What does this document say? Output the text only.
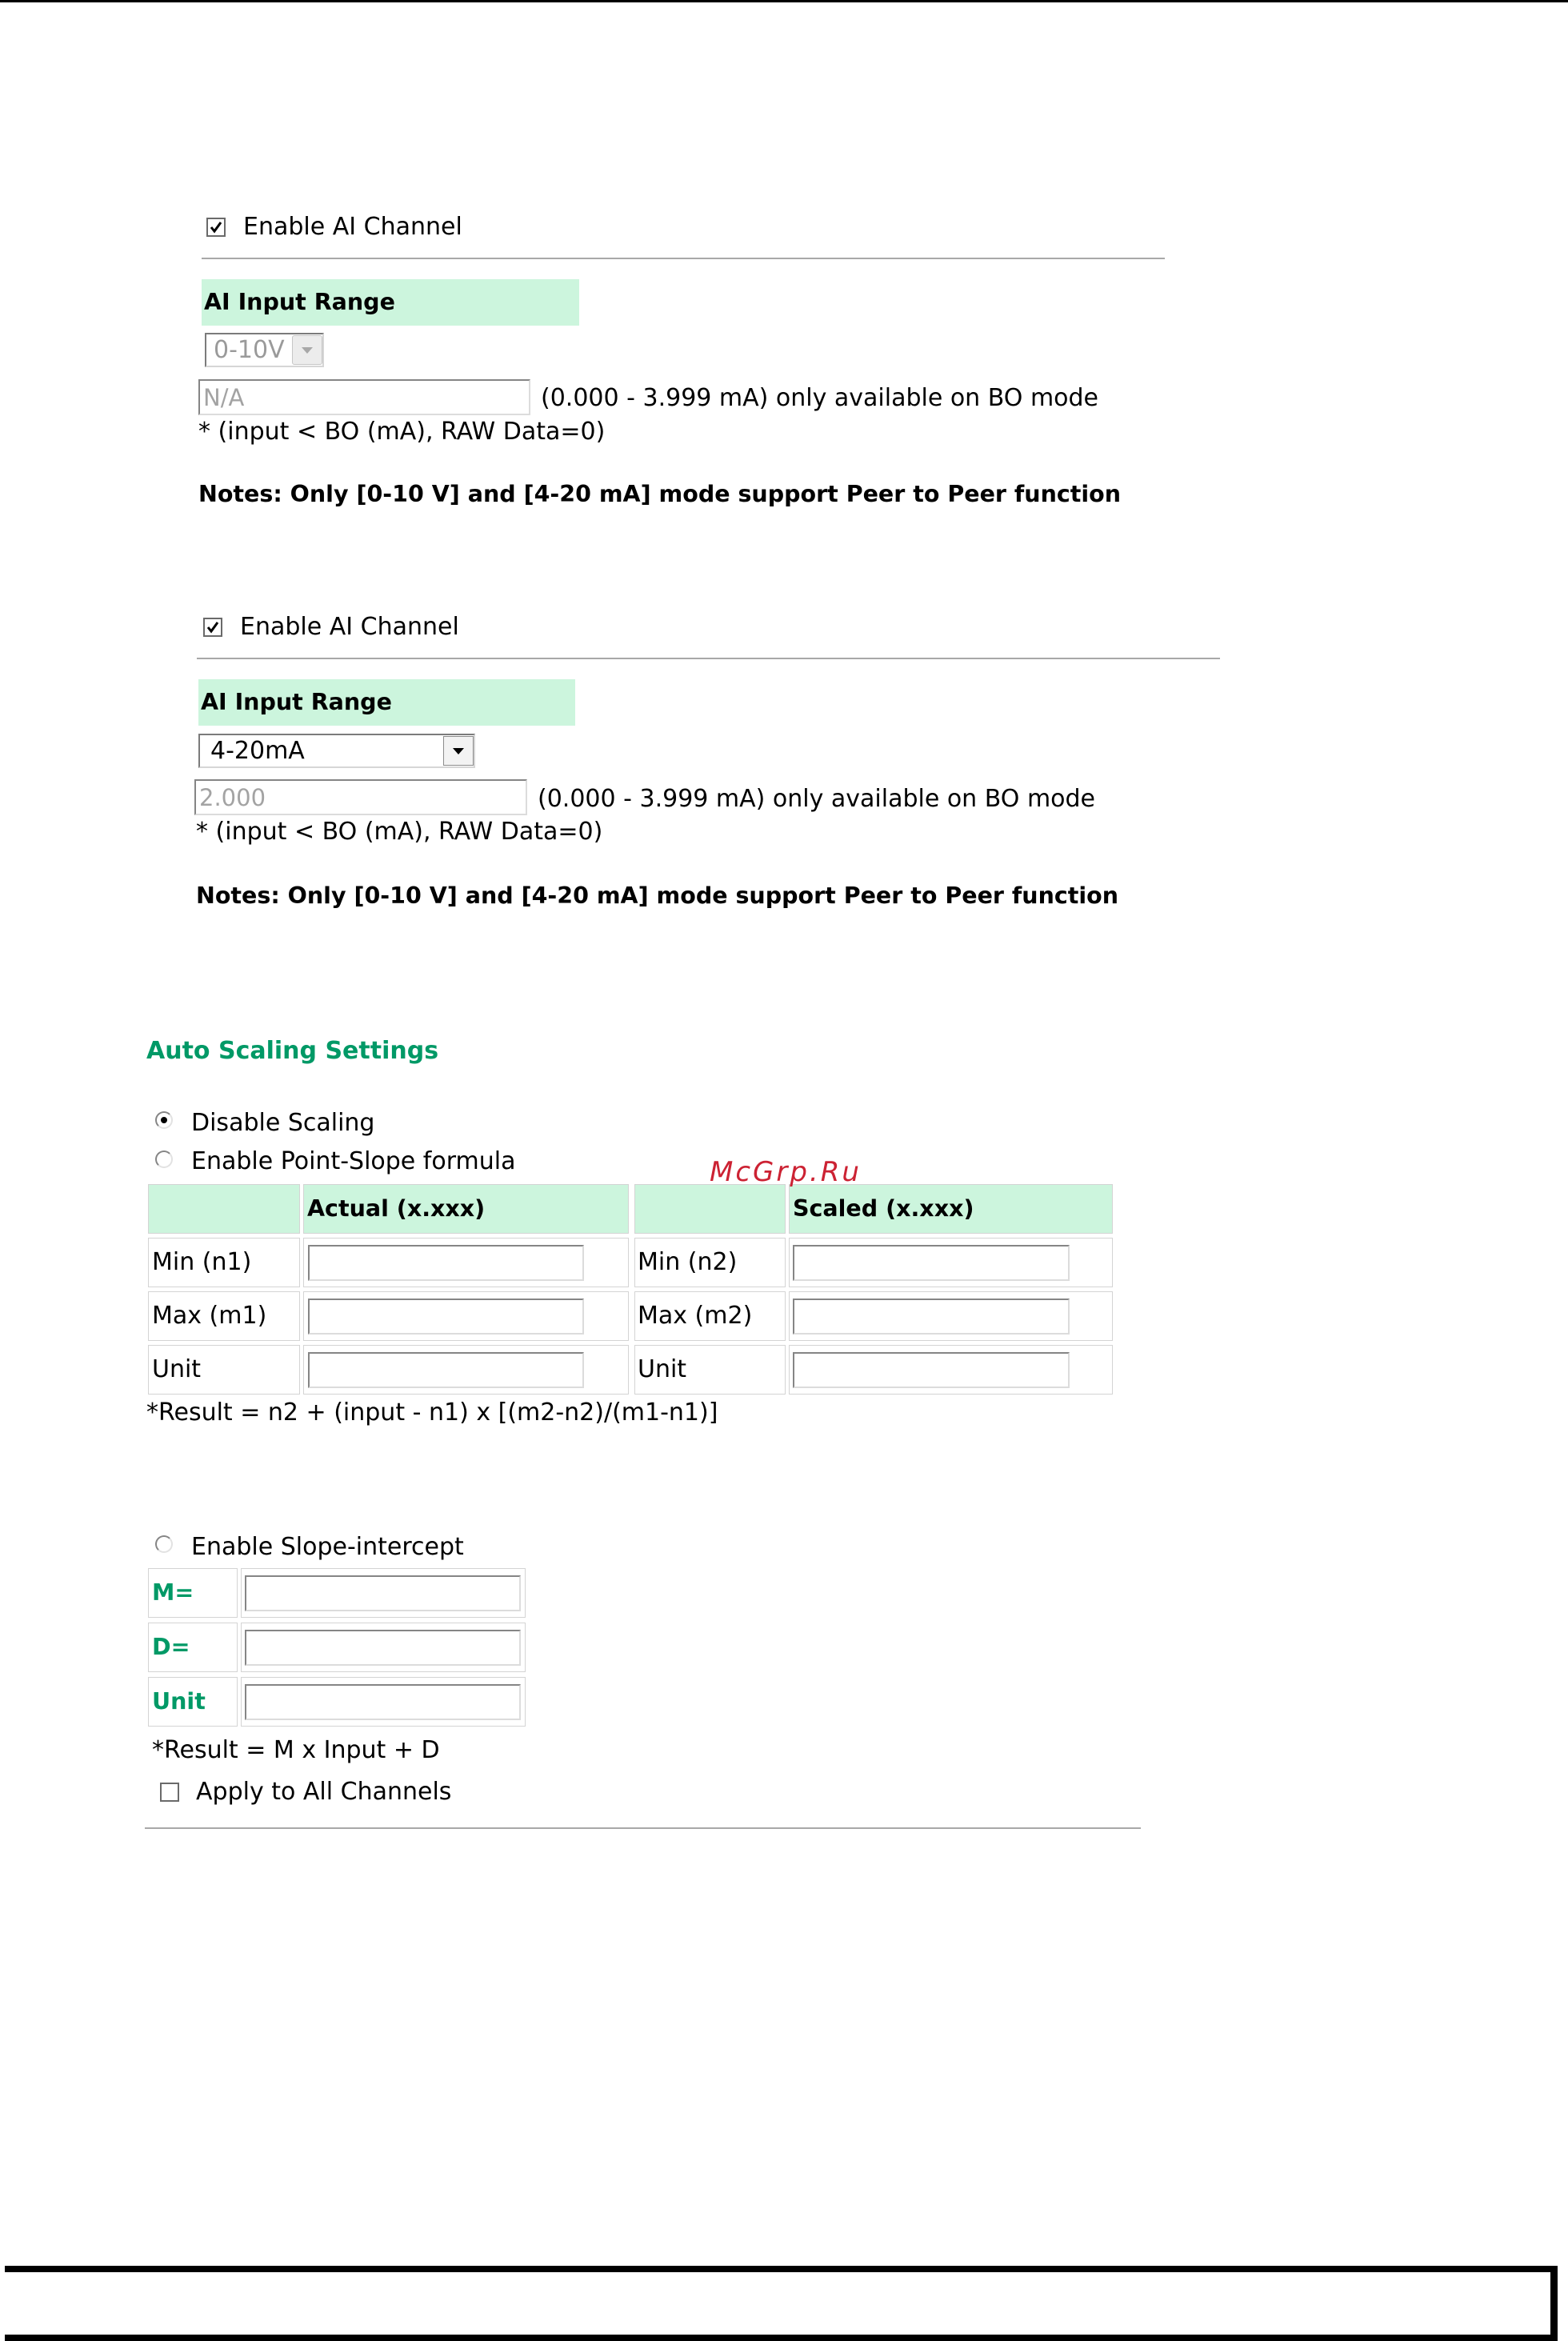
Enable AI Channel
AI Input Range
0-10V
N/A
(0.000 - 3.999 mA) only available on BO mode
* (input < BO (mA), RAW Data=0)
Notes: Only [0-10 V] and [4-20 mA] mode support Peer to Peer function
Enable AI Channel
AI Input Range
4-20mA
2.000
(0.000 - 3.999 mA) only available on BO mode
* (input < BO (mA), RAW Data=0)
Notes: Only [0-10 V] and [4-20 mA] mode support Peer to Peer function
Auto Scaling Settings
Disable Scaling
Enable Point-Slope formula
Actual (x.xxx)	Scaled (x.xxx)
Min (n1)	Min (n2)
Max (m1)	Max (m2)
Unit	Unit
*Result = n2 + (input - n1) x [(m2-n2)/(m1-n1)]
McGrp.Ru
Enable Slope-intercept
M=
D=
Unit
*Result = M x Input + D
Apply to All Channels
